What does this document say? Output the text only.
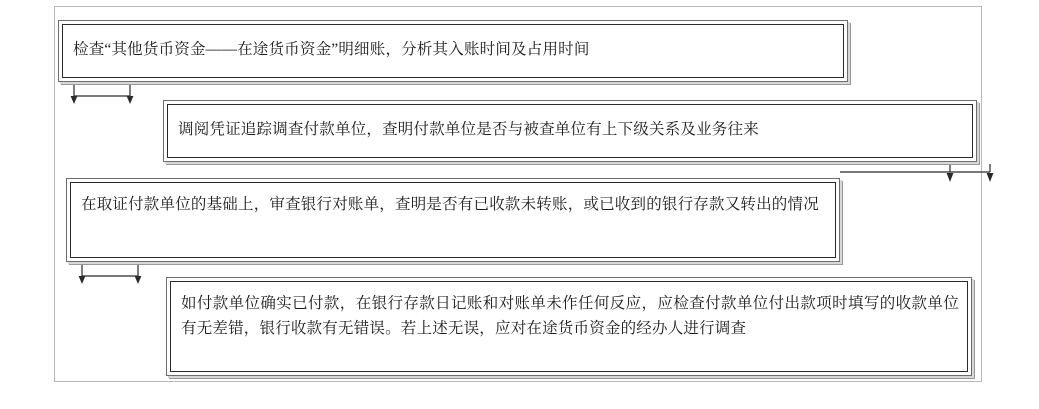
检查“其他货币资金——在途货币资金”明细账，分析其入账时间及占用时间
调阅凭证追踪调查付款单位，查明付款单位是否与被查单位有上下级关系及业务往来
在取证付款单位的基础上，审查银行对账单，查明是否有已收款未转账，或已收到的银行存款又转出的情况
如付款单位确实已付款，在银行存款日记账和对账单未作任何反应，应检查付款单位付出款项时填写的收款单位有无差错，银行收款有无错误。若上述无误，应对在途货币资金的经办人进行调查
